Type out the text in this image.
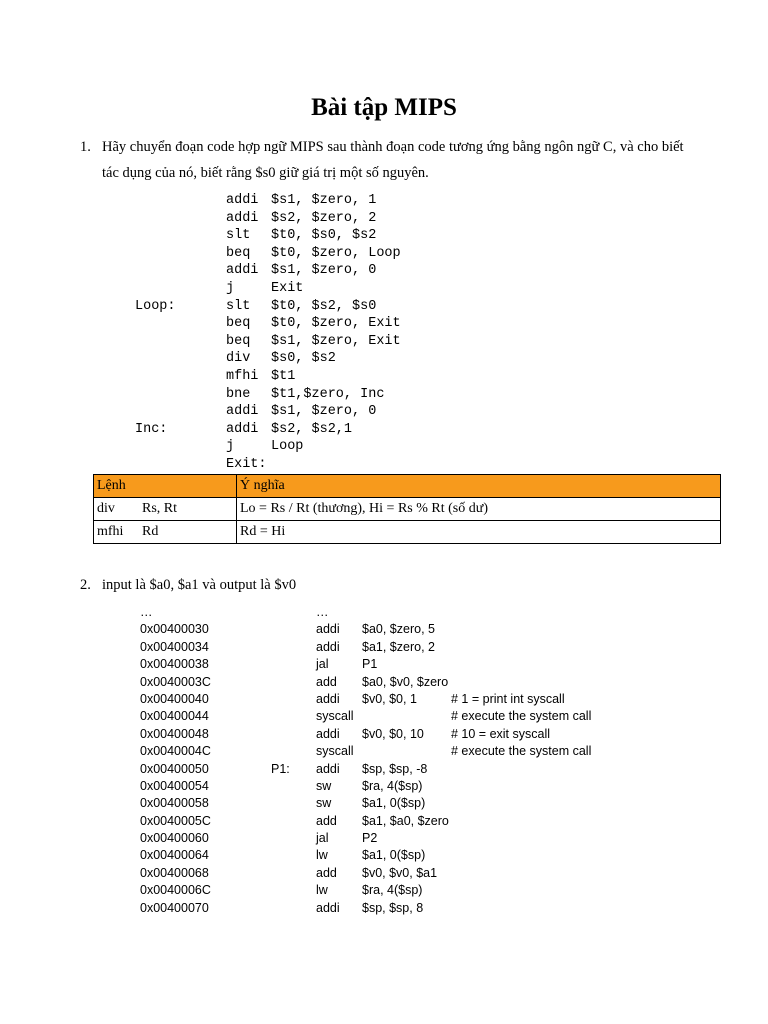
Bài tập MIPS
1. Hãy chuyển đoạn code hợp ngữ MIPS sau thành đoạn code tương ứng bằng ngôn ngữ C, và cho biết
tác dụng của nó, biết rằng $s0 giữ giá trị một số nguyên.
addi $s1, $zero, 1
addi $s2, $zero, 2
slt $t0, $s0, $s2
beq $t0, $zero, Loop
addi $s1, $zero, 0
j	Exit
Loop:	slt $t0, $s2, $s0
beq $t0, $zero, Exit
beq $s1, $zero, Exit
div $s0, $s2
mfhi $t1
bne $t1,$zero, Inc
addi $s1, $zero, 0
Inc:	addi $s2, $s2,1
j	Loop
Exit:
Lệnh	Ý nghĩa
div Rs, Rt	Lo = Rs / Rt (thương), Hi = Rs % Rt (số dư)
mfhi Rd	Rd = Hi
2. input là $a0, $a1 và output là $v0
…	…
0x00400030	addi $a0, $zero, 5
0x00400034	addi $a1, $zero, 2
0x00400038	jal	P1
0x0040003C	add $a0, $v0, $zero
0x00400040	addi $v0, $0, 1	# 1 = print int syscall
0x00400044	syscall	# execute the system call
0x00400048	addi $v0, $0, 10 # 10 = exit syscall
0x0040004C	syscall	# execute the system call
0x00400050	P1: addi $sp, $sp, -8
0x00400054	sw $ra, 4($sp)
0x00400058	sw $a1, 0($sp)
0x0040005C	add $a1, $a0, $zero
0x00400060	jal	P2
0x00400064	lw	$a1, 0($sp)
0x00400068	add $v0, $v0, $a1
0x0040006C	lw	$ra, 4($sp)
0x00400070	addi $sp, $sp, 8
